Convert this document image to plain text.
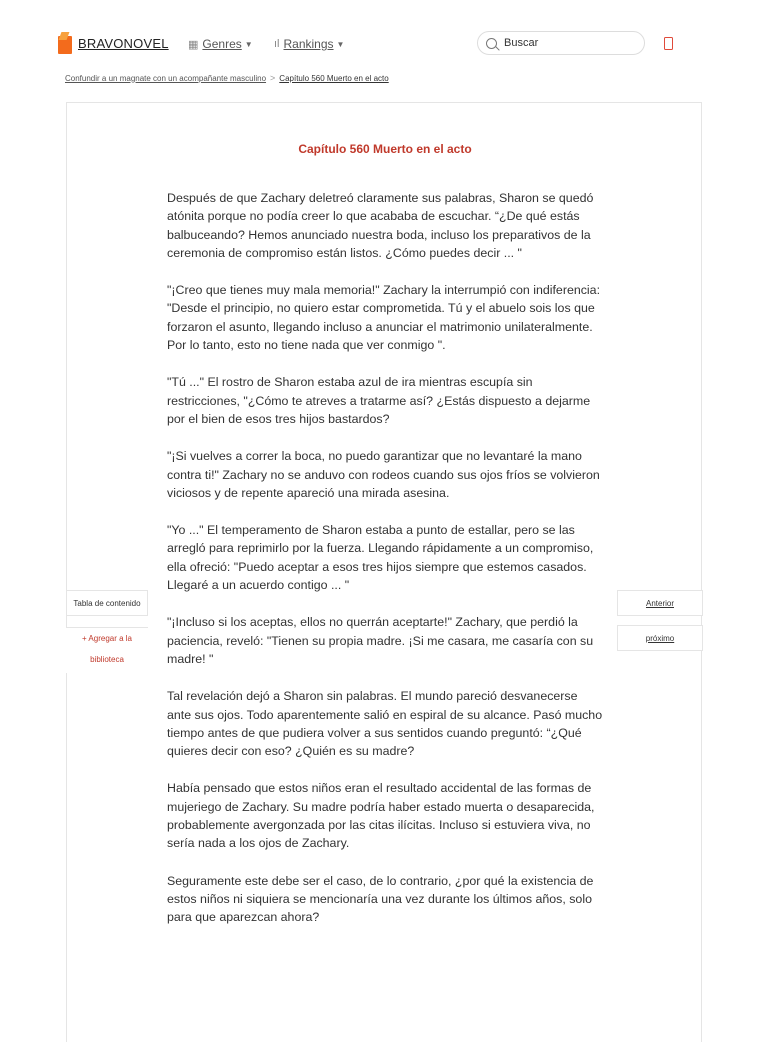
BRAVONOVEL ▦ Genres ▼ ıl Rankings ▼
Buscar
Confundir a un magnate con un acompañante masculino > Capítulo 560 Muerto en el acto
Capítulo 560 Muerto en el acto

Después de que Zachary deletreó claramente sus palabras, Sharon se quedó atónita porque no podía creer lo que acababa de escuchar. “¿De qué estás balbuceando? Hemos anunciado nuestra boda, incluso los preparativos de la ceremonia de compromiso están listos. ¿Cómo puedes decir ... "

"¡Creo que tienes muy mala memoria!" Zachary la interrumpió con indiferencia: "Desde el principio, no quiero estar comprometida. Tú y el abuelo sois los que forzaron el asunto, llegando incluso a anunciar el matrimonio unilateralmente. Por lo tanto, esto no tiene nada que ver conmigo ".

"Tú ..." El rostro de Sharon estaba azul de ira mientras escupía sin restricciones, "¿Cómo te atreves a tratarme así? ¿Estás dispuesto a dejarme por el bien de esos tres hijos bastardos?

"¡Si vuelves a correr la boca, no puedo garantizar que no levantaré la mano contra ti!" Zachary no se anduvo con rodeos cuando sus ojos fríos se volvieron viciosos y de repente apareció una mirada asesina.

"Yo ..." El temperamento de Sharon estaba a punto de estallar, pero se las arregló para reprimirlo por la fuerza. Llegando rápidamente a un compromiso, ella ofreció: "Puedo aceptar a esos tres hijos siempre que estemos casados. Llegaré a un acuerdo contigo ... "

"¡Incluso si los aceptas, ellos no querrán aceptarte!" Zachary, que perdió la paciencia, reveló: "Tienen su propia madre. ¡Si me casara, me casaría con su madre! "

Tal revelación dejó a Sharon sin palabras. El mundo pareció desvanecerse ante sus ojos. Todo aparentemente salió en espiral de su alcance. Pasó mucho tiempo antes de que pudiera volver a sus sentidos cuando preguntó: “¿Qué quieres decir con eso? ¿Quién es su madre?

Había pensado que estos niños eran el resultado accidental de las formas de mujeriego de Zachary. Su madre podría haber estado muerta o desaparecida, probablemente avergonzada por las citas ilícitas. Incluso si estuviera viva, no sería nada a los ojos de Zachary.

Seguramente este debe ser el caso, de lo contrario, ¿por qué la existencia de estos niños ni siquiera se mencionaría una vez durante los últimos años, solo para que aparezcan ahora?

Tabla de contenido
+ Agregar a la
biblioteca
Anterior
próximo
